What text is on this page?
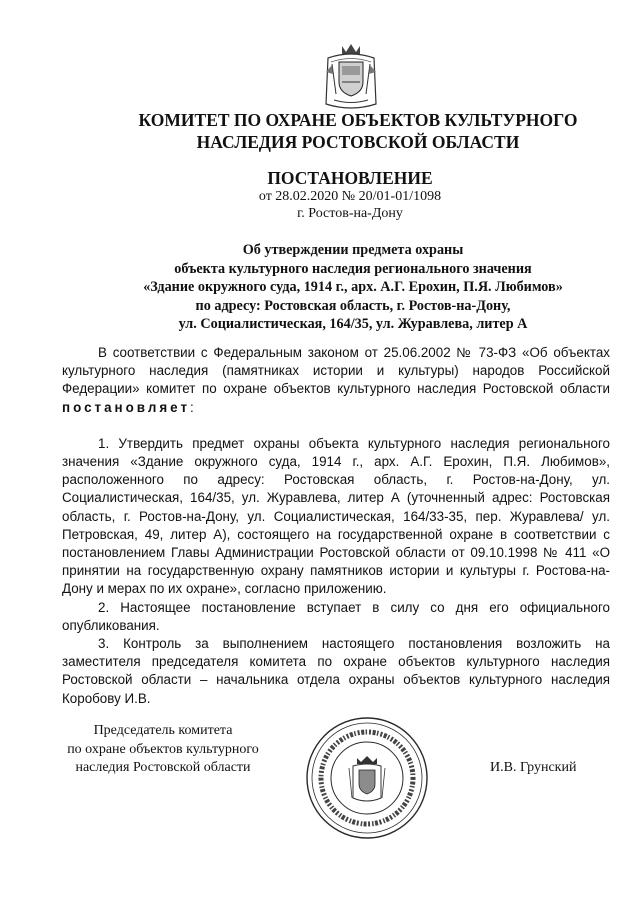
КОМИТЕТ ПО ОХРАНЕ ОБЪЕКТОВ КУЛЬТУРНОГО
НАСЛЕДИЯ РОСТОВСКОЙ ОБЛАСТИ
ПОСТАНОВЛЕНИЕ
от 28.02.2020 № 20/01-01/1098
г. Ростов-на-Дону
Об утверждении предмета охраны
объекта культурного наследия регионального значения
«Здание окружного суда, 1914 г., арх. А.Г. Ерохин, П.Я. Любимов»
по адресу: Ростовская область, г. Ростов-на-Дону,
ул. Социалистическая, 164/35, ул. Журавлева, литер А

В соответствии с Федеральным законом от 25.06.2002 № 73-ФЗ «Об объектах культурного наследия (памятниках истории и культуры) народов Российской Федерации» комитет по охране объектов культурного наследия Ростовской области постановляет:

1. Утвердить предмет охраны объекта культурного наследия регионального значения «Здание окружного суда, 1914 г., арх. А.Г. Ерохин, П.Я. Любимов», расположенного по адресу: Ростовская область, г. Ростов-на-Дону, ул. Социалистическая, 164/35, ул. Журавлева, литер А (уточненный адрес: Ростовская область, г. Ростов-на-Дону, ул. Социалистическая, 164/33-35, пер. Журавлева/ ул. Петровская, 49, литер А), состоящего на государственной охране в соответствии с постановлением Главы Администрации Ростовской области от 09.10.1998 № 411 «О принятии на государственную охрану памятников истории и культуры г. Ростова-на-Дону и мерах по их охране», согласно приложению.

2. Настоящее постановление вступает в силу со дня его официального опубликования.

3. Контроль за выполнением настоящего постановления возложить на заместителя председателя комитета по охране объектов культурного наследия Ростовской области – начальника отдела охраны объектов культурного наследия Коробову И.В.

Председатель комитета
по охране объектов культурного
наследия Ростовской области	И.В. Грунский
